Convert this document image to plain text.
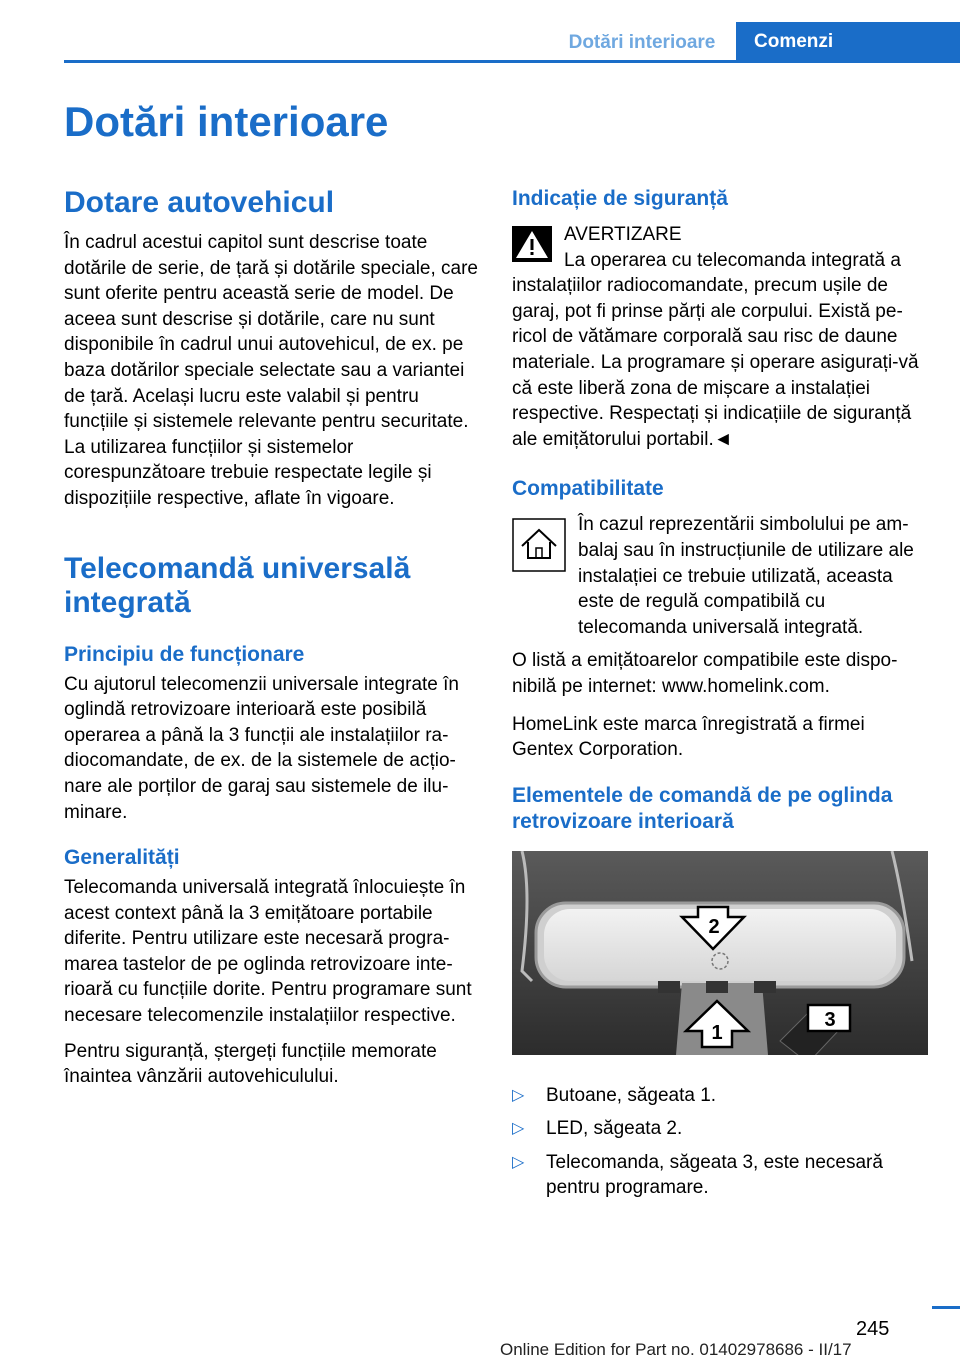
Dotări interioare	Comenzi
Dotări interioare

Dotare autovehicul

În cadrul acestui capitol sunt descrise toate dotările de serie, de țară și dotările speciale, care sunt oferite pentru această serie de model. De aceea sunt descrise și dotările, care nu sunt disponibile în cadrul unui autovehicul, de ex. pe baza dotărilor speciale selectate sau a variantei de țară. Același lucru este valabil și pentru funcțiile și sistemele relevante pentru securitate. La utilizarea funcțiilor și sistemelor corespunzătoare trebuie respectate legile și dispozițiile respective, aflate în vigoare.

Telecomandă universală integrată

Principiu de funcționare

Cu ajutorul telecomenzii universale integrate în oglindă retrovizoare interioară este posibilă operarea a până la 3 funcții ale instalațiilor radiocomandate, de ex. de la sistemele de acționare ale porților de garaj sau sistemele de iluminare.

Generalități

Telecomanda universală integrată înlocuiește în acest context până la 3 emițătoare portabile diferite. Pentru utilizare este necesară programarea tastelor de pe oglinda retrovizoare interioară cu funcțiile dorite. Pentru programare sunt necesare telecomenzile instalațiilor respective.

Pentru siguranță, ștergeți funcțiile memorate înaintea vânzării autovehiculului.

Indicație de siguranță

AVERTIZARE

La operarea cu telecomanda integrată a instalațiilor radiocomandate, precum ușile de garaj, pot fi prinse părți ale corpului. Există pericol de vătămare corporală sau risc de daune materiale. La programare și operare asigurați-vă că este liberă zona de mișcare a instalației respective. Respectați și indicațiile de siguranță ale emițătorului portabil.◄

Compatibilitate

În cazul reprezentării simbolului pe ambalaj sau în instrucțiunile de utilizare ale instalației ce trebuie utilizată, aceasta este de regulă compatibilă cu telecomanda universală integrată.

O listă a emițătoarelor compatibile este disponibilă pe internet: www.homelink.com.

HomeLink este marca înregistrată a firmei Gentex Corporation.

Elementele de comandă de pe oglinda retrovizoare interioară

2
1
3
▷ Butoane, săgeata 1.
▷ LED, săgeata 2.
▷ Telecomanda, săgeata 3, este necesară pentru programare.
245
Online Edition for Part no. 01402978686 - II/17
